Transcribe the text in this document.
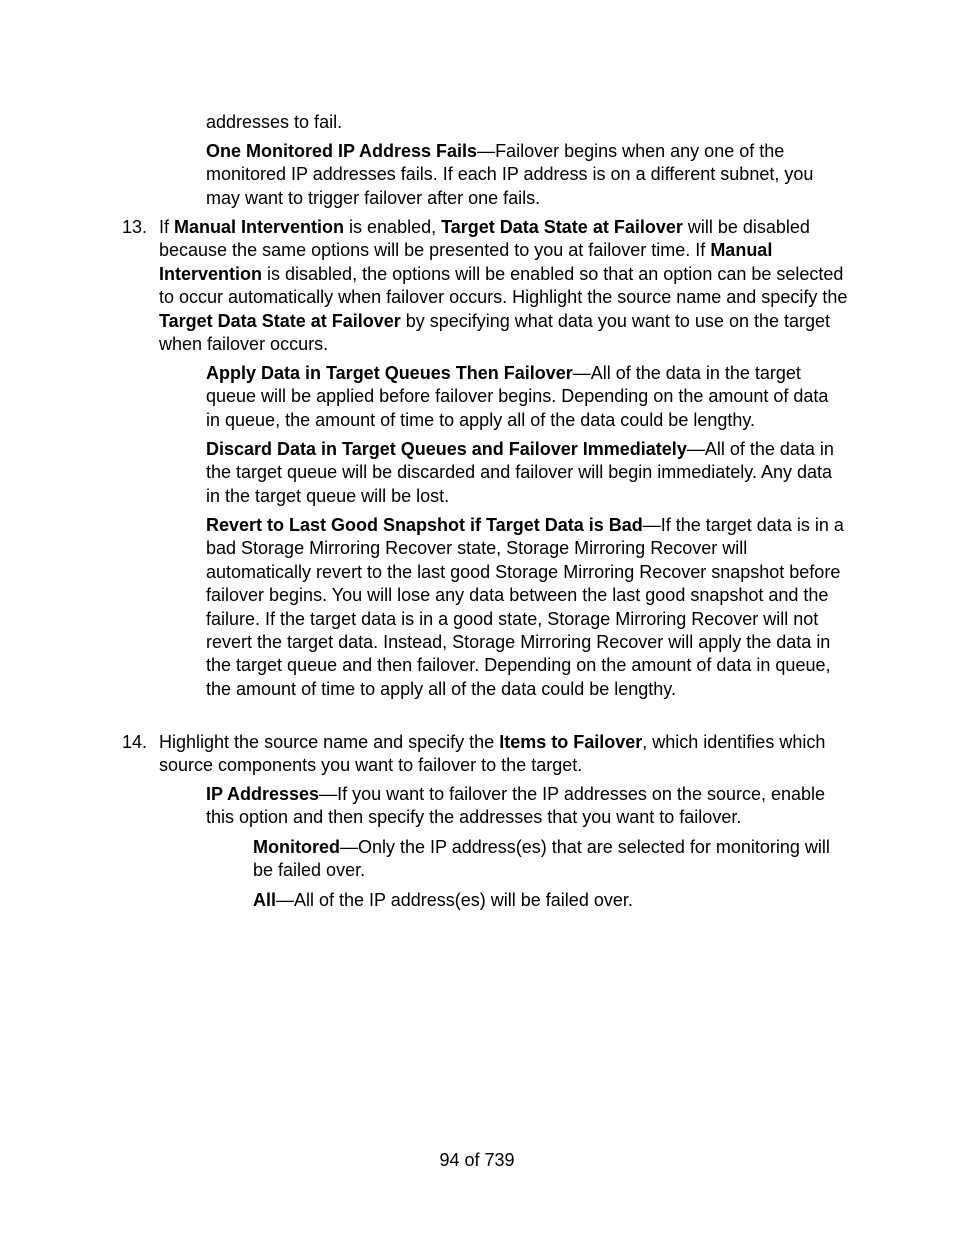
addresses to fail.

One Monitored IP Address Fails—Failover begins when any one of the monitored IP addresses fails. If each IP address is on a different subnet, you may want to trigger failover after one fails.

13. If Manual Intervention is enabled, Target Data State at Failover will be disabled because the same options will be presented to you at failover time. If Manual Intervention is disabled, the options will be enabled so that an option can be selected to occur automatically when failover occurs. Highlight the source name and specify the Target Data State at Failover by specifying what data you want to use on the target when failover occurs.

Apply Data in Target Queues Then Failover—All of the data in the target queue will be applied before failover begins. Depending on the amount of data in queue, the amount of time to apply all of the data could be lengthy.

Discard Data in Target Queues and Failover Immediately—All of the data in the target queue will be discarded and failover will begin immediately. Any data in the target queue will be lost.

Revert to Last Good Snapshot if Target Data is Bad—If the target data is in a bad Storage Mirroring Recover state, Storage Mirroring Recover will automatically revert to the last good Storage Mirroring Recover snapshot before failover begins. You will lose any data between the last good snapshot and the failure. If the target data is in a good state, Storage Mirroring Recover will not revert the target data. Instead, Storage Mirroring Recover will apply the data in the target queue and then failover. Depending on the amount of data in queue, the amount of time to apply all of the data could be lengthy.

14. Highlight the source name and specify the Items to Failover, which identifies which source components you want to failover to the target.

IP Addresses—If you want to failover the IP addresses on the source, enable this option and then specify the addresses that you want to failover.

Monitored—Only the IP address(es) that are selected for monitoring will be failed over.

All—All of the IP address(es) will be failed over.

94 of 739
